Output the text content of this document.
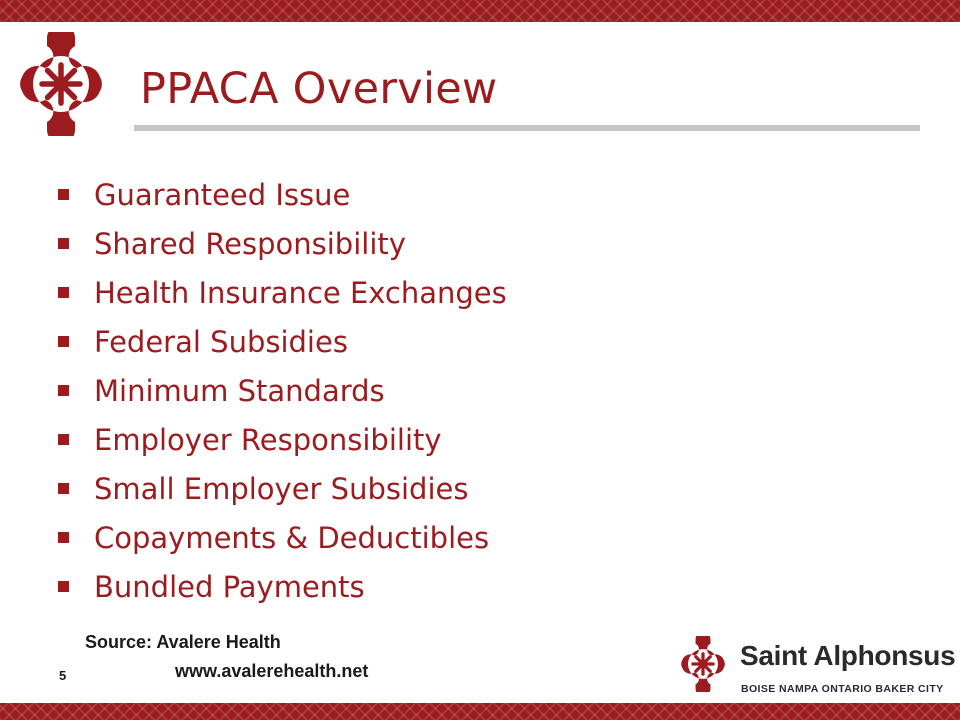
PPACA Overview
Guaranteed Issue
Shared Responsibility
Health Insurance Exchanges
Federal Subsidies
Minimum Standards
Employer Responsibility
Small Employer Subsidies
Copayments & Deductibles
Bundled Payments
Source: Avalere Health
www.avalerehealth.net
5
Saint Alphonsus
BOISE NAMPA ONTARIO BAKER CITY
